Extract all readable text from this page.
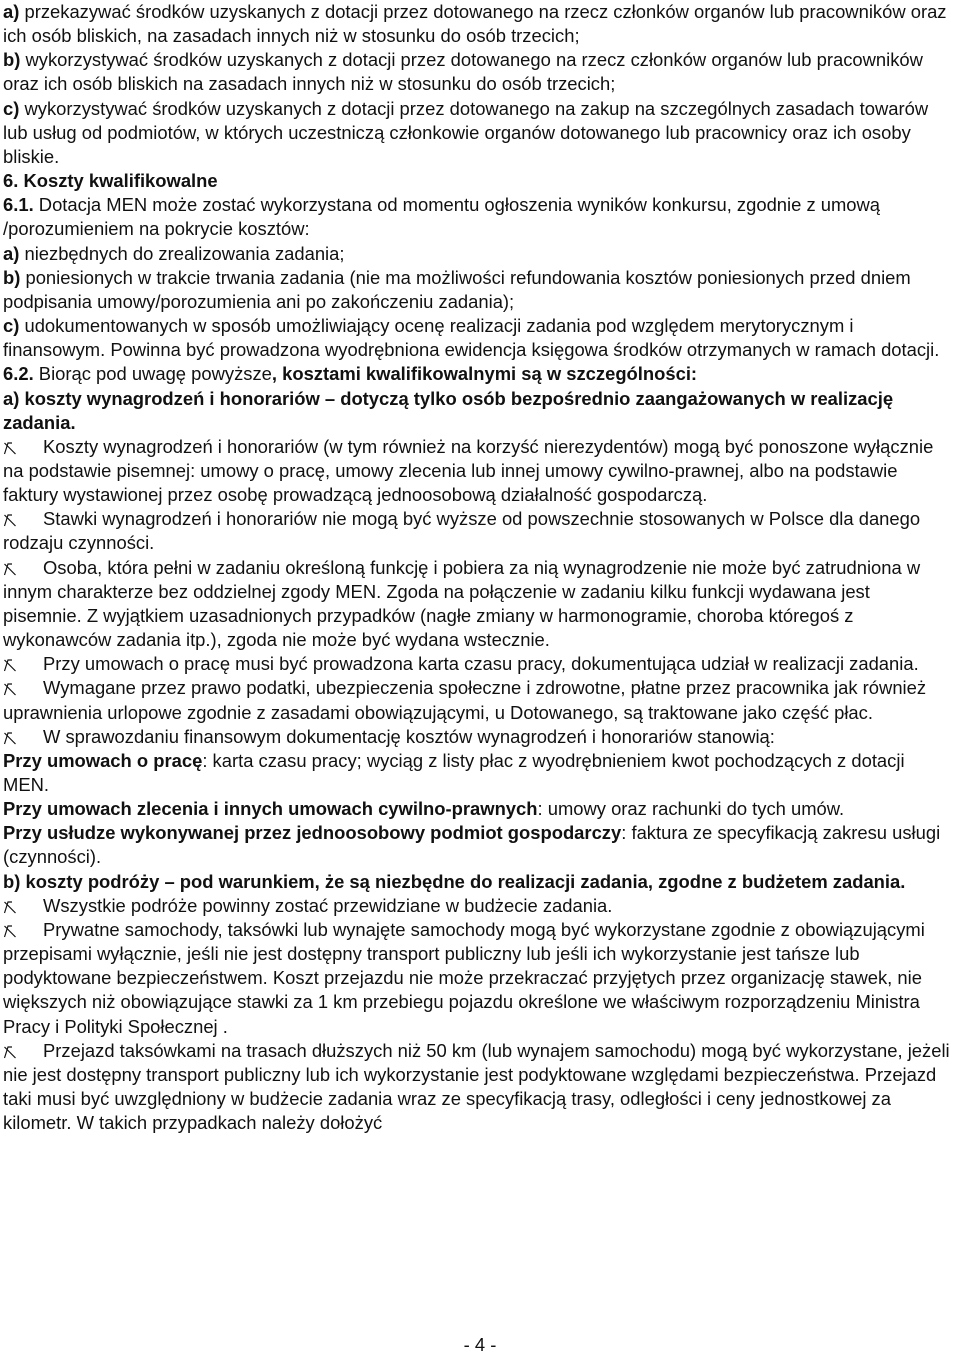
a) przekazywać środków uzyskanych z dotacji przez dotowanego na rzecz członków organów lub pracowników oraz ich osób bliskich, na zasadach innych niż w stosunku do osób trzecich;

b) wykorzystywać środków uzyskanych z dotacji przez dotowanego na rzecz członków organów lub pracowników oraz ich osób bliskich na zasadach innych niż w stosunku do osób trzecich;

c) wykorzystywać środków uzyskanych z dotacji przez dotowanego na zakup na szczególnych zasadach towarów lub usług od podmiotów, w których uczestniczą członkowie organów dotowanego lub pracownicy oraz ich osoby bliskie.

6. Koszty kwalifikowalne

6.1. Dotacja MEN może zostać wykorzystana od momentu ogłoszenia wyników konkursu, zgodnie z umową /porozumieniem na pokrycie kosztów:

a) niezbędnych do zrealizowania zadania;

b) poniesionych w trakcie trwania zadania (nie ma możliwości refundowania kosztów poniesionych przed dniem podpisania umowy/porozumienia ani po zakończeniu zadania);

c) udokumentowanych w sposób umożliwiający ocenę realizacji zadania pod względem merytorycznym i finansowym. Powinna być prowadzona wyodrębniona ewidencja księgowa środków otrzymanych w ramach dotacji.

6.2. Biorąc pod uwagę powyższe, kosztami kwalifikowalnymi są w szczególności:

a) koszty wynagrodzeń i honorariów – dotyczą tylko osób bezpośrednio zaangażowanych w realizację zadania.

Koszty wynagrodzeń i honorariów (w tym również na korzyść nierezydentów) mogą być ponoszone wyłącznie na podstawie pisemnej: umowy o pracę, umowy zlecenia lub innej umowy cywilno-prawnej, albo na podstawie faktury wystawionej przez osobę prowadzącą jednoosobową działalność gospodarczą.

Stawki wynagrodzeń i honorariów nie mogą być wyższe od powszechnie stosowanych w Polsce dla danego rodzaju czynności.

Osoba, która pełni w zadaniu określoną funkcję i pobiera za nią wynagrodzenie nie może być zatrudniona w innym charakterze bez oddzielnej zgody MEN. Zgoda na połączenie w zadaniu kilku funkcji wydawana jest pisemnie. Z wyjątkiem uzasadnionych przypadków (nagłe zmiany w harmonogramie, choroba któregoś z wykonawców zadania itp.), zgoda nie może być wydana wstecznie.

Przy umowach o pracę musi być prowadzona karta czasu pracy, dokumentująca udział w realizacji zadania.

Wymagane przez prawo podatki, ubezpieczenia społeczne i zdrowotne, płatne przez pracownika jak również uprawnienia urlopowe zgodnie z zasadami obowiązującymi, u Dotowanego, są traktowane jako część płac.

W sprawozdaniu finansowym dokumentację kosztów wynagrodzeń i honorariów stanowią:

Przy umowach o pracę: karta czasu pracy; wyciąg z listy płac z wyodrębnieniem kwot pochodzących z dotacji MEN.

Przy umowach zlecenia i innych umowach cywilno-prawnych: umowy oraz rachunki do tych umów.

Przy usłudze wykonywanej przez jednoosobowy podmiot gospodarczy: faktura ze specyfikacją zakresu usługi (czynności).

b) koszty podróży – pod warunkiem, że są niezbędne do realizacji zadania, zgodne z budżetem zadania.

Wszystkie podróże powinny zostać przewidziane w budżecie zadania.

Prywatne samochody, taksówki lub wynajęte samochody mogą być wykorzystane zgodnie z obowiązującymi przepisami wyłącznie, jeśli nie jest dostępny transport publiczny lub jeśli ich wykorzystanie jest tańsze lub podyktowane bezpieczeństwem. Koszt przejazdu nie może przekraczać przyjętych przez organizację stawek, nie większych niż obowiązujące stawki za 1 km przebiegu pojazdu określone we właściwym rozporządzeniu Ministra Pracy i Polityki Społecznej .

Przejazd taksówkami na trasach dłuższych niż 50 km (lub wynajem samochodu) mogą być wykorzystane, jeżeli nie jest dostępny transport publiczny lub ich wykorzystanie jest podyktowane względami bezpieczeństwa. Przejazd taki musi być uwzględniony w budżecie zadania wraz ze specyfikacją trasy, odległości i ceny jednostkowej za kilometr. W takich przypadkach należy dołożyć

- 4 -
